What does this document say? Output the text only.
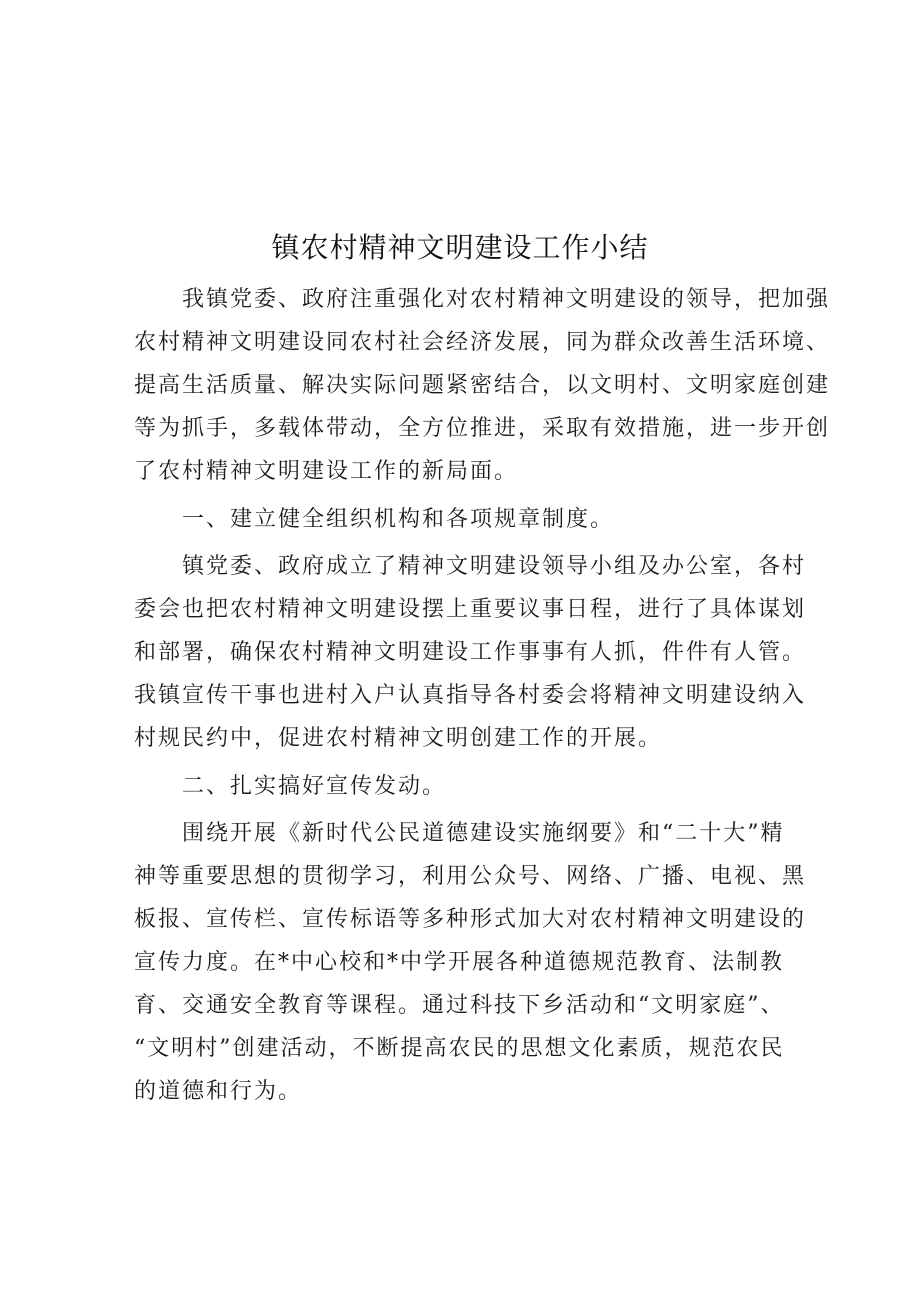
镇农村精神文明建设工作小结

我镇党委、政府注重强化对农村精神文明建设的领导，把加强
农村精神文明建设同农村社会经济发展，同为群众改善生活环境、
提高生活质量、解决实际问题紧密结合，以文明村、文明家庭创建
等为抓手，多载体带动，全方位推进，采取有效措施，进一步开创
了农村精神文明建设工作的新局面。

一、建立健全组织机构和各项规章制度。

镇党委、政府成立了精神文明建设领导小组及办公室，各村
委会也把农村精神文明建设摆上重要议事日程，进行了具体谋划
和部署，确保农村精神文明建设工作事事有人抓，件件有人管。
我镇宣传干事也进村入户认真指导各村委会将精神文明建设纳入
村规民约中，促进农村精神文明创建工作的开展。

二、扎实搞好宣传发动。

围绕开展《新时代公民道德建设实施纲要》和“二十大”精
神等重要思想的贯彻学习，利用公众号、网络、广播、电视、黑
板报、宣传栏、宣传标语等多种形式加大对农村精神文明建设的
宣传力度。在*中心校和*中学开展各种道德规范教育、法制教
育、交通安全教育等课程。通过科技下乡活动和“文明家庭”、
“文明村”创建活动，不断提高农民的思想文化素质，规范农民
的道德和行为。
